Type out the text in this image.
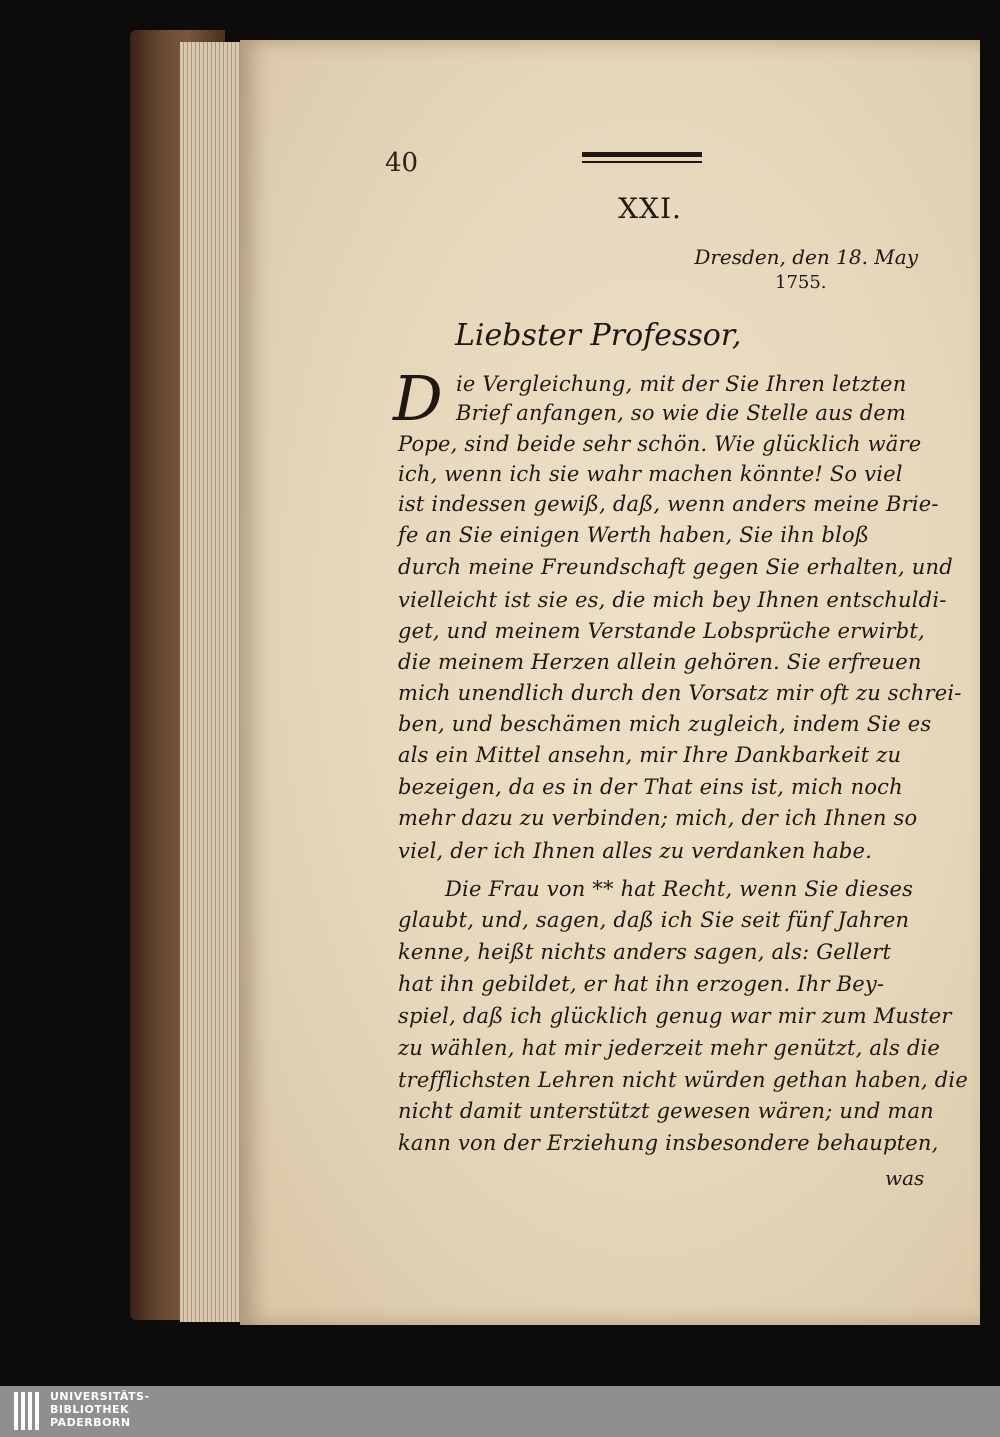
40
XXI.
Dresden, den 18. May
1755.
Liebster Professor,
D ie Vergleichung, mit der Sie Ihren letzten
Brief anfangen, so wie die Stelle aus dem
Pope, sind beide sehr schön. Wie glücklich wäre
ich, wenn ich sie wahr machen könnte! So viel
ist indessen gewiß, daß, wenn anders meine Brie-
fe an Sie einigen Werth haben, Sie ihn bloß
durch meine Freundschaft gegen Sie erhalten, und
vielleicht ist sie es, die mich bey Ihnen entschuldi-
get, und meinem Verstande Lobsprüche erwirbt,
die meinem Herzen allein gehören. Sie erfreuen
mich unendlich durch den Vorsatz mir oft zu schrei-
ben, und beschämen mich zugleich, indem Sie es
als ein Mittel ansehn, mir Ihre Dankbarkeit zu
bezeigen, da es in der That eins ist, mich noch
mehr dazu zu verbinden; mich, der ich Ihnen so
viel, der ich Ihnen alles zu verdanken habe.
Die Frau von ** hat Recht, wenn Sie dieses
glaubt, und, sagen, daß ich Sie seit fünf Jahren
kenne, heißt nichts anders sagen, als: Gellert
hat ihn gebildet, er hat ihn erzogen. Ihr Bey-
spiel, daß ich glücklich genug war mir zum Muster
zu wählen, hat mir jederzeit mehr genützt, als die
trefflichsten Lehren nicht würden gethan haben, die
nicht damit unterstützt gewesen wären; und man
kann von der Erziehung insbesondere behaupten,
was
UNIVERSITÄTS-
BIBLIOTHEK
PADERBORN
